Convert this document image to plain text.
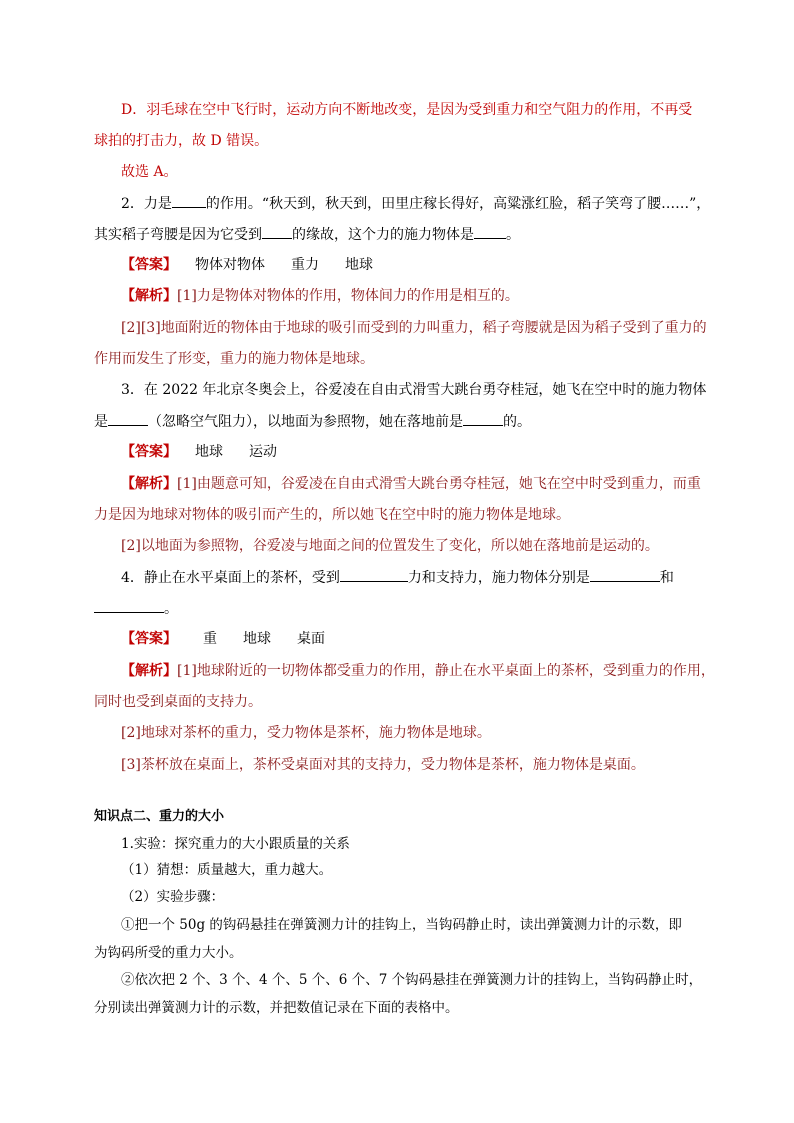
D．羽毛球在空中飞行时，运动方向不断地改变，是因为受到重力和空气阻力的作用，不再受
球拍的打击力，故 D 错误。
故选 A。
2．力是 的作用。“秋天到，秋天到，田里庄稼长得好，高粱涨红脸，稻子笑弯了腰……”，
其实稻子弯腰是因为它受到 的缘故，这个力的施力物体是 。
【答案】 物体对物体 重力 地球
【解析】[1]力是物体对物体的作用，物体间力的作用是相互的。
[2][3]地面附近的物体由于地球的吸引而受到的力叫重力，稻子弯腰就是因为稻子受到了重力的
作用而发生了形变，重力的施力物体是地球。
3．在 2022 年北京冬奥会上，谷爱凌在自由式滑雪大跳台勇夺桂冠，她飞在空中时的施力物体
是	（忽略空气阻力），以地面为参照物，她在落地前是	的。
【答案】 地球 运动
【解析】[1]由题意可知，谷爱凌在自由式滑雪大跳台勇夺桂冠，她飞在空中时受到重力，而重
力是因为地球对物体的吸引而产生的，所以她飞在空中时的施力物体是地球。
[2]以地面为参照物，谷爱凌与地面之间的位置发生了变化，所以她在落地前是运动的。
4．静止在水平桌面上的茶杯，受到	力和支持力，施力物体分别是	和
。
【答案】 重 地球 桌面
【解析】[1]地球附近的一切物体都受重力的作用，静止在水平桌面上的茶杯，受到重力的作用，
同时也受到桌面的支持力。
[2]地球对茶杯的重力，受力物体是茶杯，施力物体是地球。
[3]茶杯放在桌面上，茶杯受桌面对其的支持力，受力物体是茶杯，施力物体是桌面。
知识点二、重力的大小
1.实验：探究重力的大小跟质量的关系
（1）猜想：质量越大，重力越大。
（2）实验步骤：
①把一个 50g 的钩码悬挂在弹簧测力计的挂钩上，当钩码静止时，读出弹簧测力计的示数，即
为钩码所受的重力大小。
②依次把 2 个、3 个、4 个、5 个、6 个、7 个钩码悬挂在弹簧测力计的挂钩上，当钩码静止时，
分别读出弹簧测力计的示数，并把数值记录在下面的表格中。
